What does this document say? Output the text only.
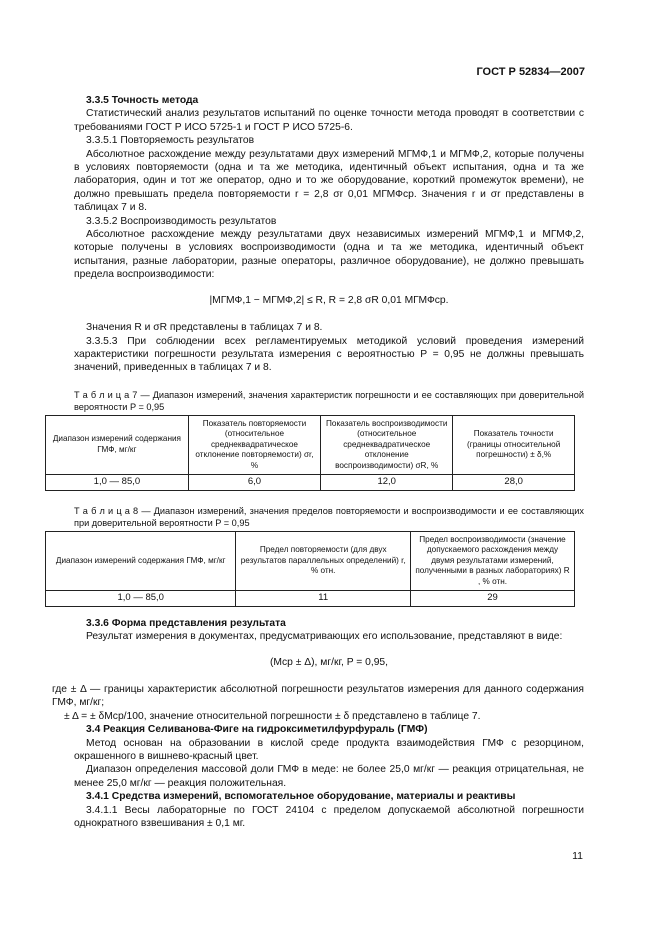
ГОСТ Р 52834—2007

3.3.5 Точность метода

Статистический анализ результатов испытаний по оценке точности метода проводят в соответствии с требованиями ГОСТ Р ИСО 5725-1 и ГОСТ Р ИСО 5725-6.

3.3.5.1 Повторяемость результатов

Абсолютное расхождение между результатами двух измерений MГМФ,1 и MГМФ,2, которые получены в условиях повторяемости (одна и та же методика, идентичный объект испытания, одна и та же лаборатория, один и тот же оператор, одно и то же оборудование, короткий промежуток времени), не должно превышать предела повторяемости r = 2,8 σr 0,01 MГМФср. Значения r и σr представлены в таблицах 7 и 8.

3.3.5.2 Воспроизводимость результатов

Абсолютное расхождение между результатами двух независимых измерений MГМФ,1 и MГМФ,2, которые получены в условиях воспроизводимости (одна и та же методика, идентичный объект испытания, разные лаборатории, разные операторы, различное оборудование), не должно превышать предела воспроизводимости:

|MГМФ,1 − MГМФ,2| ≤ R, R = 2,8 σR 0,01 MГМФср.

Значения R и σR представлены в таблицах 7 и 8.

3.3.5.3 При соблюдении всех регламентируемых методикой условий проведения измерений характеристики погрешности результата измерения с вероятностью P = 0,95 не должны превышать значений, приведенных в таблицах 7 и 8.

Т а б л и ц а 7 — Диапазон измерений, значения характеристик погрешности и ее составляющих при доверительной вероятности P = 0,95

Диапазон измерений содержания ГМФ, мг/кг	Показатель повторяемости (относительное среднеквадратическое отклонение повторяемости) σr, %	Показатель воспроизводимости (относительное среднеквадратическое отклонение воспроизводимости) σR, %	Показатель точности (границы относительной погрешности) ± δ,%
1,0 — 85,0	6,0	12,0	28,0

Т а б л и ц а 8 — Диапазон измерений, значения пределов повторяемости и воспроизводимости и ее составляющих при доверительной вероятности P = 0,95

Диапазон измерений содержания ГМФ, мг/кг	Предел повторяемости (для двух результатов параллельных определений) r, % отн.	Предел воспроизводимости (значение допускаемого расхождения между двумя результатами измерений, полученными в разных лабораториях) R , % отн.
1,0 — 85,0	11	29

3.3.6 Форма представления результата

Результат измерения в документах, предусматривающих его использование, представляют в виде:

(Mср ± Δ), мг/кг, P = 0,95,

где ± Δ — границы характеристик абсолютной погрешности результатов измерения для данного содержания ГМФ, мг/кг;

± Δ = ± δMср/100, значение относительной погрешности ± δ представлено в таблице 7.

3.4 Реакция Селиванова-Фиге на гидроксиметилфурфураль (ГМФ)

Метод основан на образовании в кислой среде продукта взаимодействия ГМФ с резорцином, окрашенного в вишнево-красный цвет.

Диапазон определения массовой доли ГМФ в меде: не более 25,0 мг/кг — реакция отрицательная, не менее 25,0 мг/кг — реакция положительная.

3.4.1 Средства измерений, вспомогательное оборудование, материалы и реактивы

3.4.1.1 Весы лабораторные по ГОСТ 24104 с пределом допускаемой абсолютной погрешности однократного взвешивания ± 0,1 мг.

11
